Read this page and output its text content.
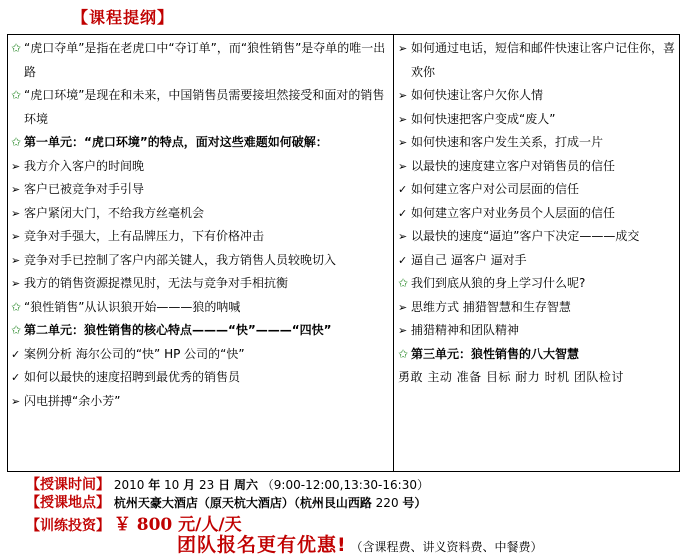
【课程提纲】
✩ “虎口夺单”是指在老虎口中“夺订单”，而“狼性销售”是夺单的唯一出路
✩ “虎口环境”是现在和未来，中国销售员需要接坦然接受和面对的销售环境
✩ 第一单元：“虎口环境”的特点，面对这些难题如何破解：
➢ 我方介入客户的时间晚
➢ 客户已被竞争对手引导
➢ 客户紧闭大门，不给我方丝毫机会
➢ 竞争对手强大，上有品牌压力，下有价格冲击
➢ 竞争对手已控制了客户内部关键人，我方销售人员较晚切入
➢ 我方的销售资源捉襟见肘，无法与竞争对手相抗衡
✩ “狼性销售”从认识狼开始———狼的呐喊
✩ 第二单元：狼性销售的核心特点———“快”———“四快”
✓ 案例分析 海尔公司的“快” HP 公司的“快”
✓ 如何以最快的速度招聘到最优秀的销售员
➢ 闪电拼搏“余小芳”
➢ 如何通过电话，短信和邮件快速让客户记住你，喜欢你
➢ 如何快速让客户欠你人情
➢ 如何快速把客户变成“废人”
➢ 如何快速和客户发生关系，打成一片
➢ 以最快的速度建立客户对销售员的信任
✓ 如何建立客户对公司层面的信任
✓ 如何建立客户对业务员个人层面的信任
➢ 以最快的速度“逼迫”客户下决定———成交
✓ 逼自己 逼客户 逼对手
✩ 我们到底从狼的身上学习什么呢?
➢ 思维方式 捕猎智慧和生存智慧
➢ 捕猎精神和团队精神
✩ 第三单元：狼性销售的八大智慧
勇敢 主动 准备 目标 耐力 时机 团队检讨
【授课时间】 2010 年 10 月 23 日 周六 （9:00-12:00,13:30-16:30）
【授课地点】 杭州天豪大酒店（原天杭大酒店）（杭州艮山西路 220 号）
【训练投资】 ￥ 800 元/人/天
团队报名更有优惠! （含课程费、讲义资料费、中餐费）
